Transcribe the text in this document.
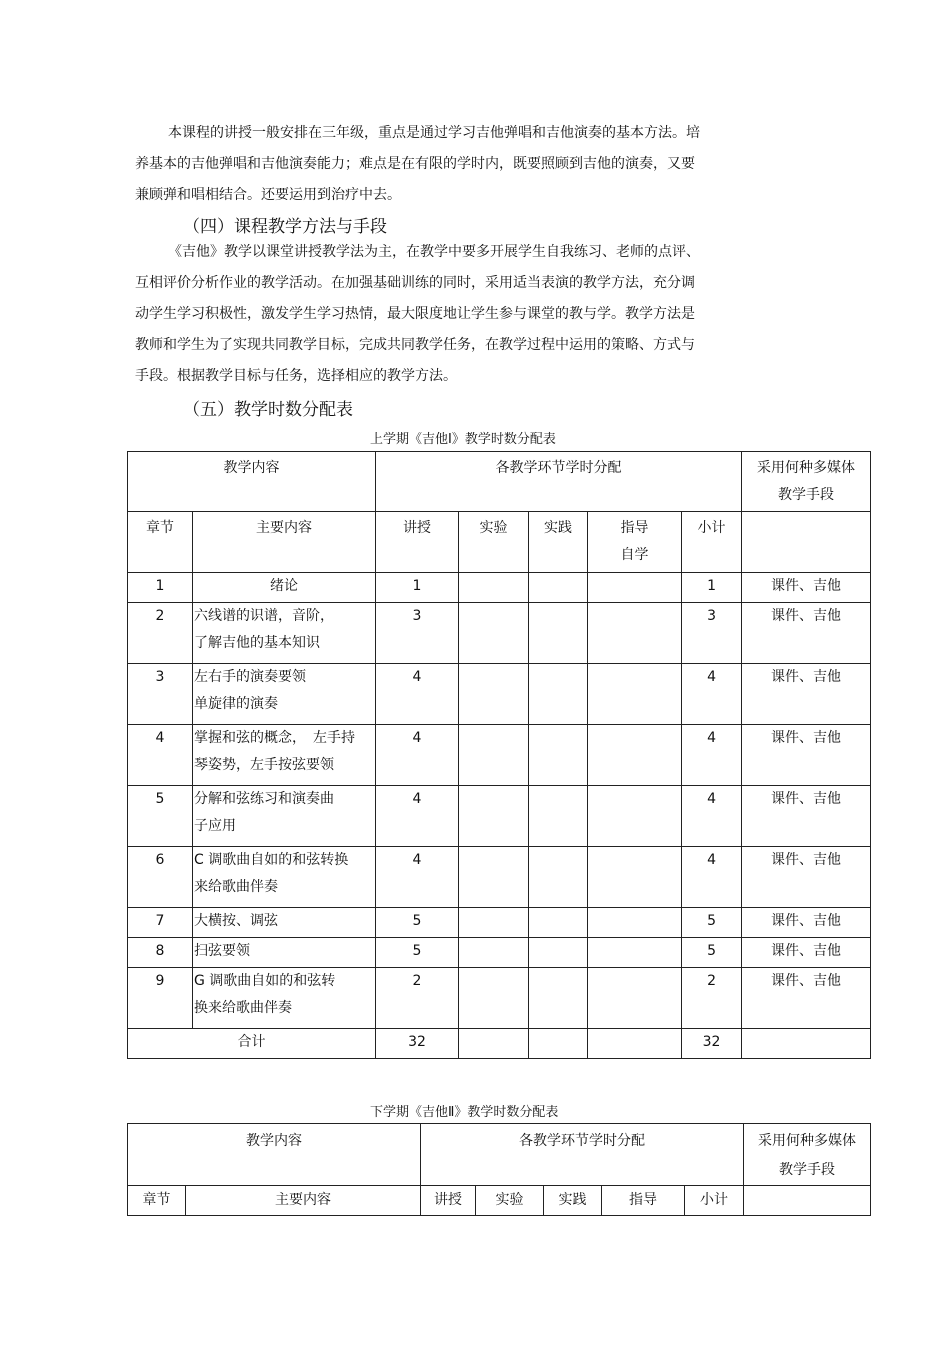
本课程的讲授一般安排在三年级，重点是通过学习吉他弹唱和吉他演奏的基本方法。培
养基本的吉他弹唱和吉他演奏能力；难点是在有限的学时内，既要照顾到吉他的演奏，又要
兼顾弹和唱相结合。还要运用到治疗中去。
（四）课程教学方法与手段
《吉他》教学以课堂讲授教学法为主，在教学中要多开展学生自我练习、老师的点评、
互相评价分析作业的教学活动。在加强基础训练的同时，采用适当表演的教学方法，充分调
动学生学习积极性，激发学生学习热情，最大限度地让学生参与课堂的教与学。教学方法是
教师和学生为了实现共同教学目标，完成共同教学任务，在教学过程中运用的策略、方式与
手段。根据教学目标与任务，选择相应的教学方法。
（五）教学时数分配表
上学期《吉他Ⅰ》教学时数分配表
教学内容		各教学环节学时分配					采用何种多媒体
教学手段

章节	主要内容	讲授	实验	实践	指导
自学	小计	
1	绪论	1				1	课件、吉他
2	六线谱的识谱，音阶，
了解吉他的基本知识	3				3	课件、吉他
3	左右手的演奏要领
单旋律的演奏	4				4	课件、吉他
4	掌握和弦的概念，　左手持
琴姿势，左手按弦要领	4				4	课件、吉他
5	分解和弦练习和演奏曲
子应用	4				4	课件、吉他
6	C 调歌曲自如的和弦转换
来给歌曲伴奏	4				4	课件、吉他
7	大横按、调弦	5				5	课件、吉他
8	扫弦要领	5				5	课件、吉他
9	G 调歌曲自如的和弦转
换来给歌曲伴奏	2				2	课件、吉他
合计		32				32	
下学期《吉他Ⅱ》教学时数分配表
教学内容		各教学环节学时分配					采用何种多媒体
教学手段

章节	主要内容	讲授	实验	实践	指导	小计	
